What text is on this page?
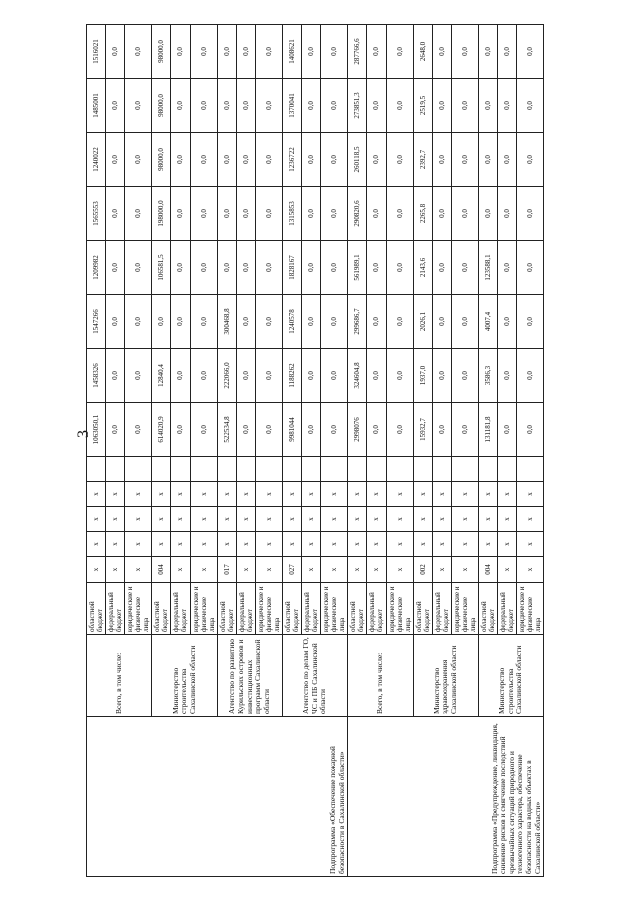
3
Подпрограмма «Обеспечение пожарной безопасности в Сахалинской области»	Всего, в том числе:	областной бюджет	х	х	х	х		1063050,1	1458326	1547266	1209982	1565553	1240022	1485001	1516021
		федеральный бюджет	х	х	х	х		0,0	0,0	0,0	0,0	0,0	0,0	0,0	0,0
		юридические и физические лица	х	х	х	х		0,0	0,0	0,0	0,0	0,0	0,0	0,0	0,0
	Министерство строительства Сахалинской области	областной бюджет	004	х	х	х		614020,9	12840,4	0,0	106581,5	198000,0	98000,0	98000,0	98000,0
		федеральный бюджет	х	х	х	х		0,0	0,0	0,0	0,0	0,0	0,0	0,0	0,0
		юридические и физические лица	х	х	х	х		0,0	0,0	0,0	0,0	0,0	0,0	0,0	0,0
	Агентство по развитию Курильских островов и инвестиционных программ Сахалинской области	областной бюджет	017	х	х	х		522534,8	222066,0	300468,8	0,0	0,0	0,0	0,0	0,0
		федеральный бюджет	х	х	х	х		0,0	0,0	0,0	0,0	0,0	0,0	0,0	0,0
		юридические и физические лица	х	х	х	х		0,0	0,0	0,0	0,0	0,0	0,0	0,0	0,0
	Агентство по делам ГО, ЧС и ПБ Сахалинской области	областной бюджет	027	х	х	х		9981044	1188262	1240578	1828167	1315853	1236722	1370041	1408621
		федеральный бюджет	х	х	х	х		0,0	0,0	0,0	0,0	0,0	0,0	0,0	0,0
		юридические и физические лица	х	х	х	х		0,0	0,0	0,0	0,0	0,0	0,0	0,0	0,0
Подпрограмма «Предупреждение, ликвидация, снижение рисков и смягчение последствий чрезвычайных ситуаций природного и техногенного характера, обеспечение безопасности на водных объектах в Сахалинской области»	Всего, в том числе:	областной бюджет	х	х	х	х		2998076	324604,8	299686,7	561989,1	290820,6	260118,5	273851,3	287766,6
		федеральный бюджет	х	х	х	х		0,0	0,0	0,0	0,0	0,0	0,0	0,0	0,0
		юридические и физические лица	х	х	х	х		0,0	0,0	0,0	0,0	0,0	0,0	0,0	0,0
	Министерство здравоохранения Сахалинской области	областной бюджет	002	х	х	х		15932,7	1937,0	2026,1	2143,6	2265,8	2392,7	2519,5	2648,0
		федеральный бюджет	х	х	х	х		0,0	0,0	0,0	0,0	0,0	0,0	0,0	0,0
		юридические и физические лица	х	х	х	х		0,0	0,0	0,0	0,0	0,0	0,0	0,0	0,0
	Министерство строительства Сахалинской области	областной бюджет	004	х	х	х		131181,8	3586,3	4007,4	123588,1	0,0	0,0	0,0	0,0
		федеральный бюджет	х	х	х	х		0,0	0,0	0,0	0,0	0,0	0,0	0,0	0,0
		юридические и физические лица	х	х	х	х		0,0	0,0	0,0	0,0	0,0	0,0	0,0	0,0
